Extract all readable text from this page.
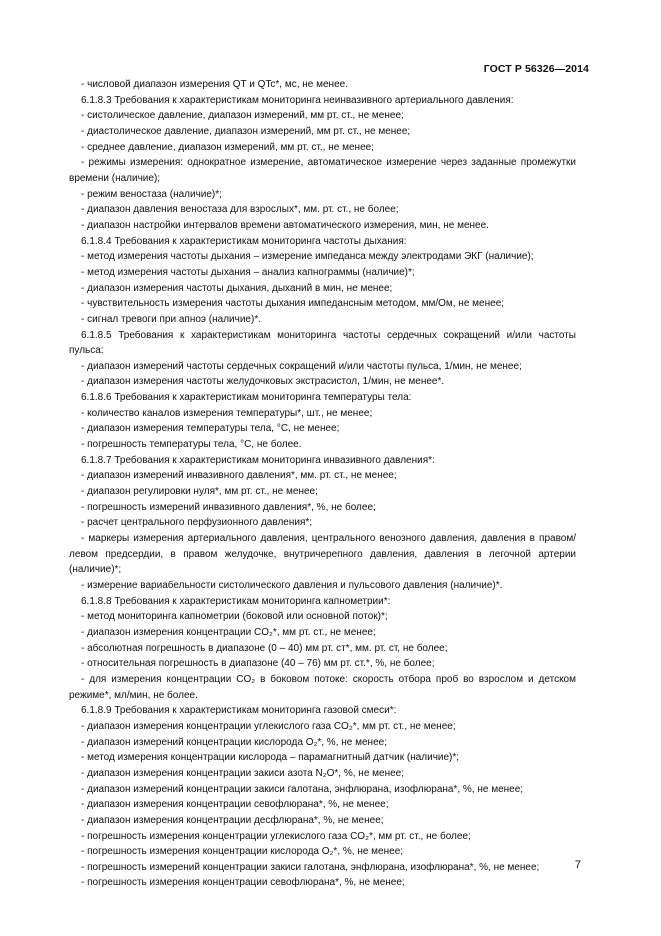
ГОСТ Р 56326—2014

- числовой диапазон измерения QT и QTc*, мс, не менее.

6.1.8.3 Требования к характеристикам мониторинга неинвазивного артериального давления:

- систолическое давление, диапазон измерений, мм рт. ст., не менее;

- диастолическое давление, диапазон измерений, мм рт. ст., не менее;

- среднее давление, диапазон измерений, мм рт. ст., не менее;

- режимы измерения: однократное измерение, автоматическое измерение через заданные промежутки времени (наличие);

- режим веностаза (наличие)*;

- диапазон давления веностаза для взрослых*, мм. рт. ст., не более;

- диапазон настройки интервалов времени автоматического измерения, мин, не менее.

6.1.8.4 Требования к характеристикам мониторинга частоты дыхания:

- метод измерения частоты дыхания – измерение импеданса между электродами ЭКГ (наличие);

- метод измерения частоты дыхания – анализ капнограммы (наличие)*;

- диапазон измерения частоты дыхания, дыханий в мин, не менее;

- чувствительность измерения частоты дыхания импедансным методом, мм/Ом, не менее;

- сигнал тревоги при апноэ (наличие)*.

6.1.8.5 Требования к характеристикам мониторинга частоты сердечных сокращений и/или частоты пульса:

- диапазон измерений частоты сердечных сокращений и/или частоты пульса, 1/мин, не менее;

- диапазон измерения частоты желудочковых экстрасистол, 1/мин, не менее*.

6.1.8.6 Требования к характеристикам мониторинга температуры тела:

- количество каналов измерения температуры*, шт., не менее;

- диапазон измерения температуры тела, °С, не менее;

- погрешность температуры тела, °С, не более.

6.1.8.7 Требования к характеристикам мониторинга инвазивного давления*:

- диапазон измерений инвазивного давления*, мм. рт. ст., не менее;

- диапазон регулировки нуля*, мм рт. ст., не менее;

- погрешность измерений инвазивного давления*, %, не более;

- расчет центрального перфузионного давления*;

- маркеры измерения артериального давления, центрального венозного давления, давления в правом/левом предсердии, в правом желудочке, внутричерепного давления, давления в легочной артерии (наличие)*;

- измерение вариабельности систолического давления и пульсового давления (наличие)*.

6.1.8.8 Требования к характеристикам мониторинга капнометрии*:

- метод мониторинга капнометрии (боковой или основной поток)*;

- диапазон измерения концентрации CO₂*, мм рт. ст., не менее;

- абсолютная погрешность в диапазоне (0 – 40) мм рт. ст*, мм. рт. ст, не более;

- относительная погрешность в диапазоне (40 – 76) мм рт. ст.*, %, не более;

- для измерения концентрации CO₂ в боковом потоке: скорость отбора проб во взрослом и детском режиме*, мл/мин, не более.

6.1.8.9 Требования к характеристикам мониторинга газовой смеси*:

- диапазон измерения концентрации углекислого газа CO₂*, мм рт. ст., не менее;

- диапазон измерений концентрации кислорода O₂*, %, не менее;

- метод измерения концентрации кислорода – парамагнитный датчик (наличие)*;

- диапазон измерения концентрации закиси азота N₂O*, %, не менее;

- диапазон измерений концентрации закиси галотана, энфлюрана, изофлюрана*, %, не менее;

- диапазон измерения концентрации севофлюрана*, %, не менее;

- диапазон измерения концентрации десфлюрана*, %, не менее;

- погрешность измерения концентрации углекислого газа CO₂*, мм рт. ст., не более;

- погрешность измерения концентрации кислорода O₂*, %, не менее;

- погрешность измерений концентрации закиси галотана, энфлюрана, изофлюрана*, %, не менее;

- погрешность измерения концентрации севофлюрана*, %, не менее;

7
